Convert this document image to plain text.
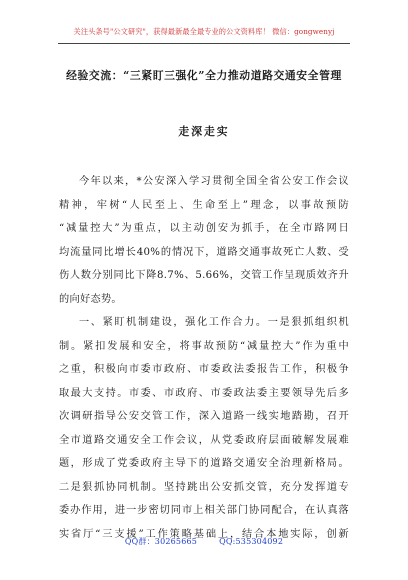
关注头条号"公文研究"，获得最新最全最专业的公文资料库！ 微信：gongwenyj
经验交流：“三紧盯三强化”全力推动道路交通安全管理
走深走实
今年以来，*公安深入学习贯彻全国全省公安工作会议
精神，牢树“人民至上、生命至上”理念，以事故预防
“减量控大”为重点，以主动创安为抓手，在全市路网日
均流量同比增长40%的情况下，道路交通事故死亡人数、受
伤人数分别同比下降8.7%、5.66%，交管工作呈现质效齐升
的向好态势。
一、紧盯机制建设，强化工作合力。一是狠抓组织机
制。紧扣发展和安全，将事故预防“减量控大”作为重中
之重，积极向市委市政府、市委政法委报告工作，积极争
取最大支持。市委、市政府、市委政法委主要领导先后多
次调研指导公安交管工作，深入道路一线实地踏勘，召开
全市道路交通安全工作会议，从党委政府层面破解发展难
题，形成了党委政府主导下的道路交通安全治理新格局。
二是狠抓协同机制。坚持跳出公安抓交管，充分发挥道专
委办作用，进一步密切同市上相关部门协同配合，在认真落
实省厅“三支援”工作策略基础上，结合本地实际，创新
QQ群：30265665	QQ:535304092
